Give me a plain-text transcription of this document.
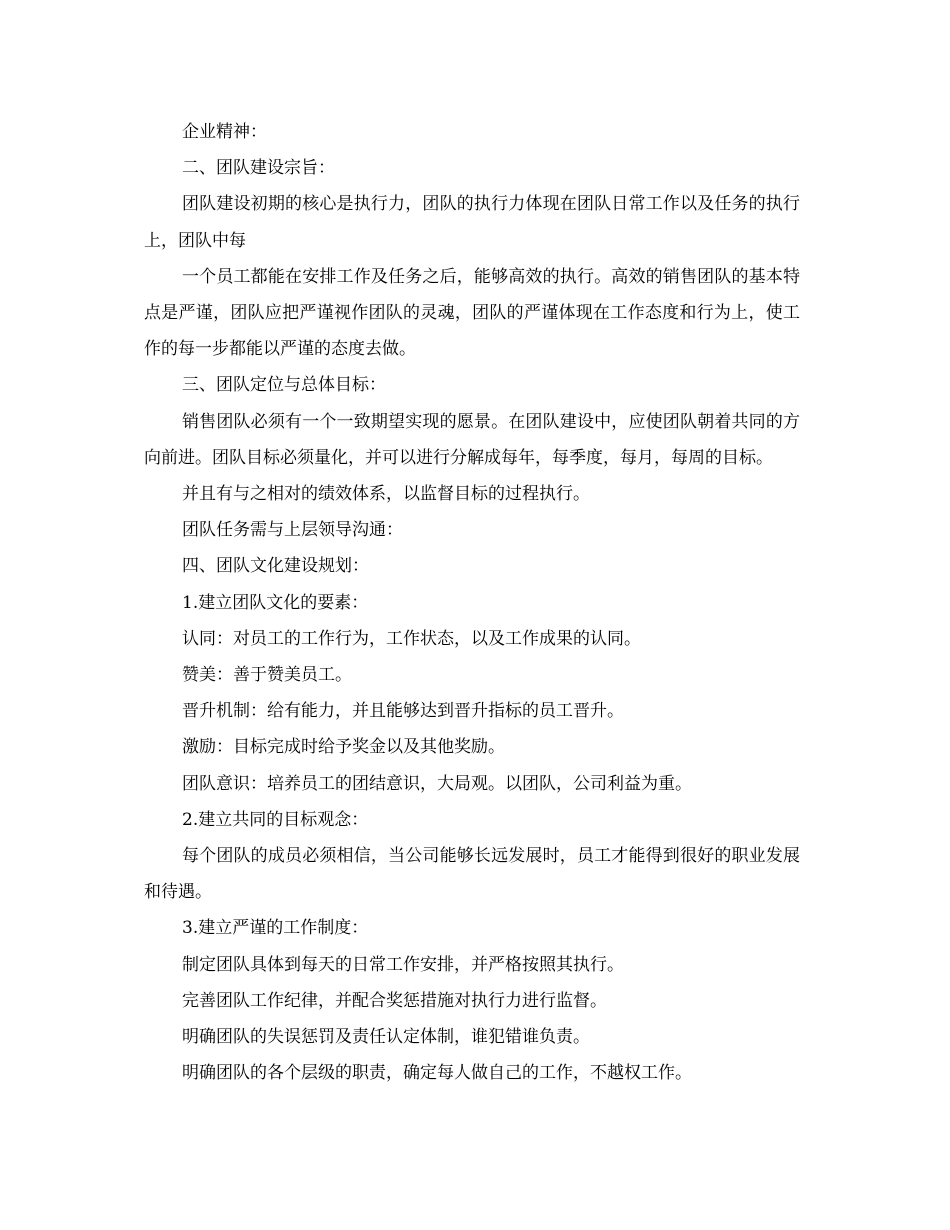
企业精神：

二、团队建设宗旨：

团队建设初期的核心是执行力，团队的执行力体现在团队日常工作以及任务的执行上，团队中每

一个员工都能在安排工作及任务之后，能够高效的执行。高效的销售团队的基本特点是严谨，团队应把严谨视作团队的灵魂，团队的严谨体现在工作态度和行为上，使工作的每一步都能以严谨的态度去做。

三、团队定位与总体目标：

销售团队必须有一个一致期望实现的愿景。在团队建设中，应使团队朝着共同的方向前进。团队目标必须量化，并可以进行分解成每年，每季度，每月，每周的目标。

并且有与之相对的绩效体系，以监督目标的过程执行。

团队任务需与上层领导沟通：

四、团队文化建设规划：

1.建立团队文化的要素：

认同：对员工的工作行为，工作状态，以及工作成果的认同。

赞美：善于赞美员工。

晋升机制：给有能力，并且能够达到晋升指标的员工晋升。

激励：目标完成时给予奖金以及其他奖励。

团队意识：培养员工的团结意识，大局观。以团队，公司利益为重。

2.建立共同的目标观念：

每个团队的成员必须相信，当公司能够长远发展时，员工才能得到很好的职业发展和待遇。

3.建立严谨的工作制度：

制定团队具体到每天的日常工作安排，并严格按照其执行。

完善团队工作纪律，并配合奖惩措施对执行力进行监督。

明确团队的失误惩罚及责任认定体制，谁犯错谁负责。

明确团队的各个层级的职责，确定每人做自己的工作，不越权工作。
